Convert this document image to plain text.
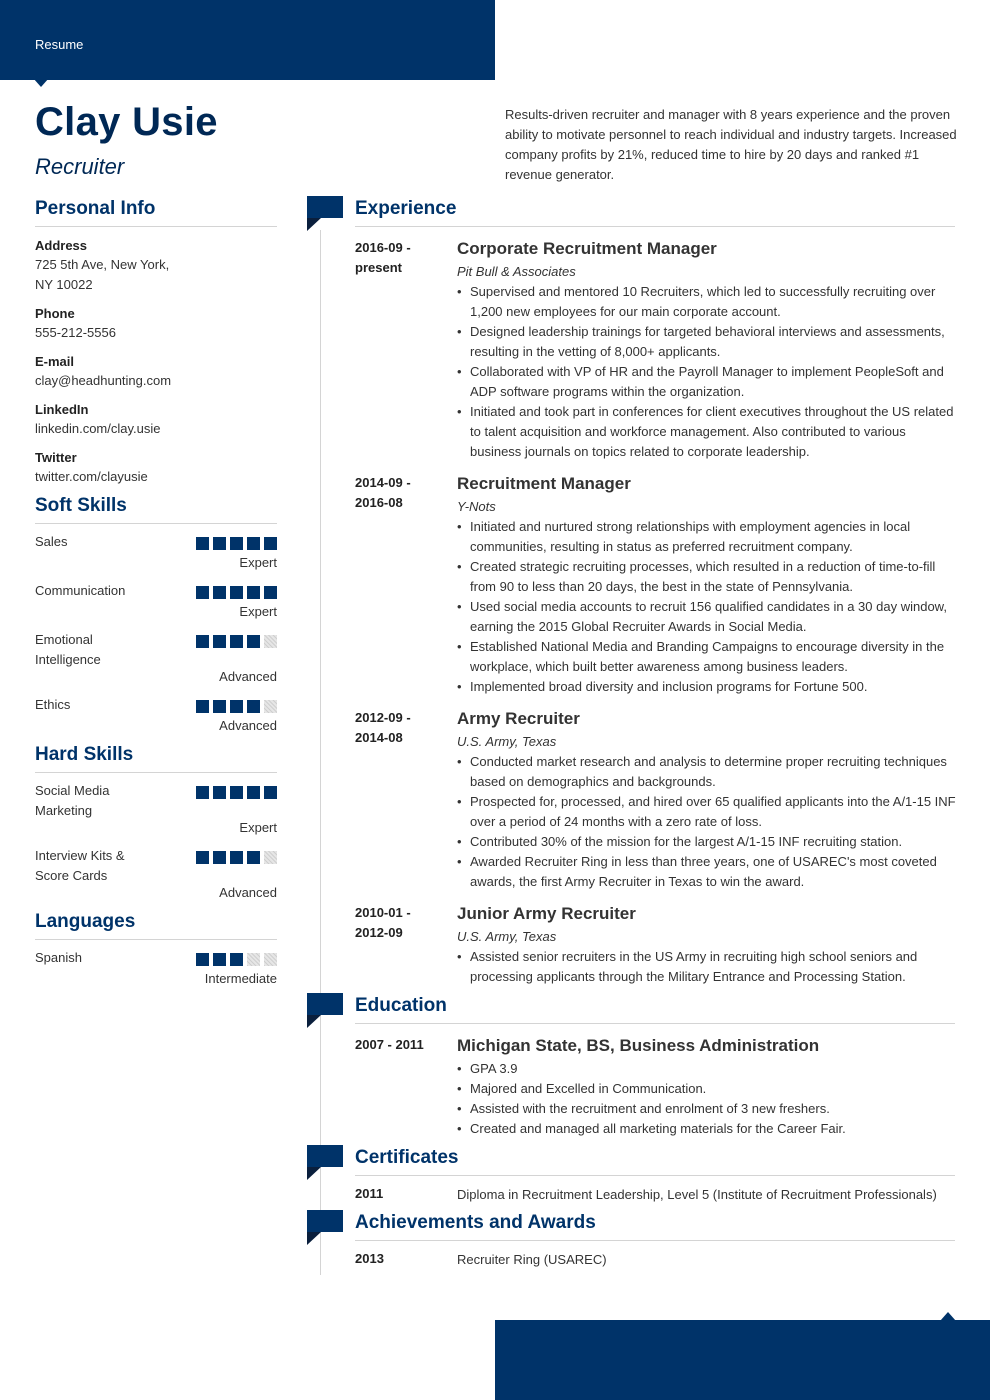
Resume
Clay Usie
Recruiter
Results-driven recruiter and manager with 8 years experience and the proven ability to motivate personnel to reach individual and industry targets. Increased company profits by 21%, reduced time to hire by 20 days and ranked #1 revenue generator.
Personal Info
Address
725 5th Ave, New York, NY 10022
Phone
555-212-5556
E-mail
clay@headhunting.com
LinkedIn
linkedin.com/clay.usie
Twitter
twitter.com/clayusie
Soft Skills
Sales
Expert
Communication
Expert
Emotional Intelligence
Advanced
Ethics
Advanced
Hard Skills
Social Media Marketing
Expert
Interview Kits & Score Cards
Advanced
Languages
Spanish
Intermediate
Experience
2016-09 - present
Corporate Recruitment Manager
Pit Bull & Associates
• Supervised and mentored 10 Recruiters, which led to successfully recruiting over 1,200 new employees for our main corporate account.
• Designed leadership trainings for targeted behavioral interviews and assessments, resulting in the vetting of 8,000+ applicants.
• Collaborated with VP of HR and the Payroll Manager to implement PeopleSoft and ADP software programs within the organization.
• Initiated and took part in conferences for client executives throughout the US related to talent acquisition and workforce management. Also contributed to various business journals on topics related to corporate leadership.
2014-09 - 2016-08
Recruitment Manager
Y-Nots
• Initiated and nurtured strong relationships with employment agencies in local communities, resulting in status as preferred recruitment company.
• Created strategic recruiting processes, which resulted in a reduction of time-to-fill from 90 to less than 20 days, the best in the state of Pennsylvania.
• Used social media accounts to recruit 156 qualified candidates in a 30 day window, earning the 2015 Global Recruiter Awards in Social Media.
• Established National Media and Branding Campaigns to encourage diversity in the workplace, which built better awareness among business leaders.
• Implemented broad diversity and inclusion programs for Fortune 500.
2012-09 - 2014-08
Army Recruiter
U.S. Army, Texas
• Conducted market research and analysis to determine proper recruiting techniques based on demographics and backgrounds.
• Prospected for, processed, and hired over 65 qualified applicants into the A/1-15 INF over a period of 24 months with a zero rate of loss.
• Contributed 30% of the mission for the largest A/1-15 INF recruiting station.
• Awarded Recruiter Ring in less than three years, one of USAREC's most coveted awards, the first Army Recruiter in Texas to win the award.
2010-01 - 2012-09
Junior Army Recruiter
U.S. Army, Texas
• Assisted senior recruiters in the US Army in recruiting high school seniors and processing applicants through the Military Entrance and Processing Station.
Education
2007 - 2011	Michigan State, BS, Business Administration
• GPA 3.9
• Majored and Excelled in Communication.
• Assisted with the recruitment and enrolment of 3 new freshers.
• Created and managed all marketing materials for the Career Fair.
Certificates
2011	Diploma in Recruitment Leadership, Level 5 (Institute of Recruitment Professionals)
Achievements and Awards
2013	Recruiter Ring (USAREC)
